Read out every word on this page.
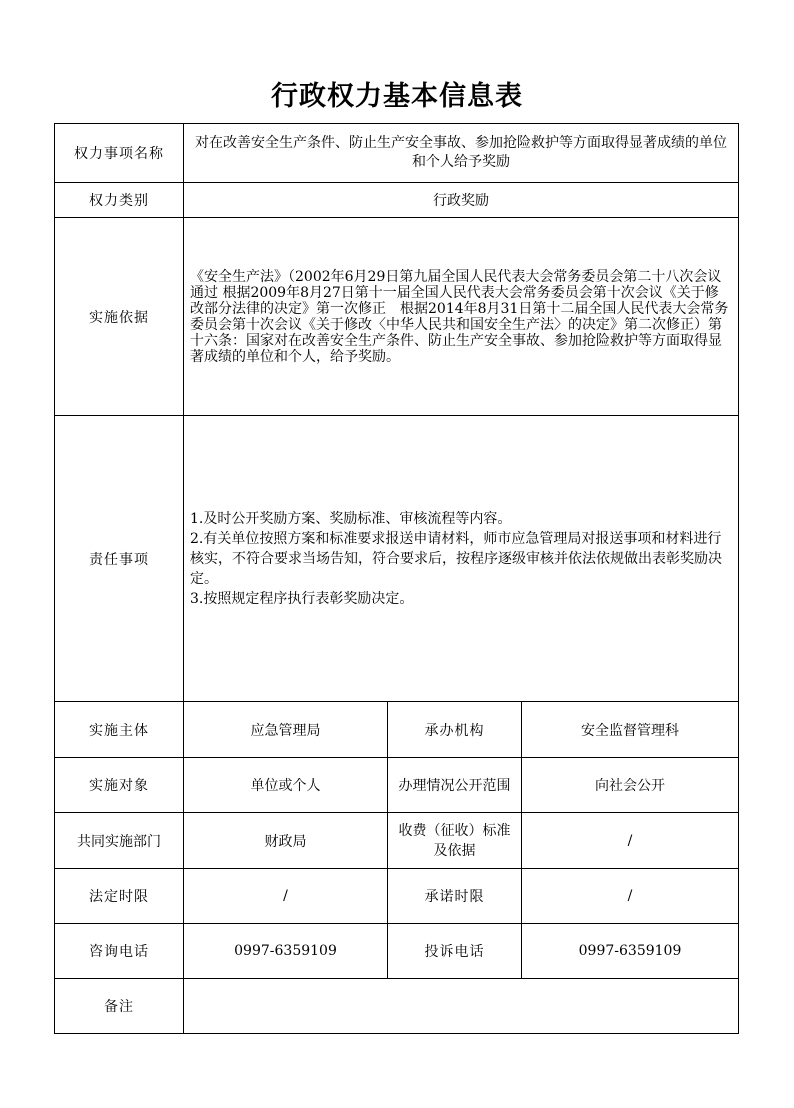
行政权力基本信息表
权力事项名称	对在改善安全生产条件、防止生产安全事故、参加抢险救护等方面取得显著成绩的单位和个人给予奖励		
权力类别	行政奖励		
实施依据	《安全生产法》（2002年6月29日第九届全国人民代表大会常务委员会第二十八次会议通过 根据2009年8月27日第十一届全国人民代表大会常务委员会第十次会议《关于修改部分法律的决定》第一次修正　根据2014年8月31日第十二届全国人民代表大会常务委员会第十次会议《关于修改〈中华人民共和国安全生产法〉的决定》第二次修正）第十六条：国家对在改善安全生产条件、防止生产安全事故、参加抢险救护等方面取得显著成绩的单位和个人，给予奖励。		
责任事项	1.及时公开奖励方案、奖励标准、审核流程等内容。
2.有关单位按照方案和标准要求报送申请材料，师市应急管理局对报送事项和材料进行核实，不符合要求当场告知，符合要求后，按程序逐级审核并依法依规做出表彰奖励决定。
3.按照规定程序执行表彰奖励决定。		

实施主体	应急管理局	承办机构	安全监督管理科
实施对象	单位或个人	办理情况公开范围	向社会公开
共同实施部门	财政局	收费（征收）标准及依据	/
法定时限	/	承诺时限	/
咨询电话	0997-6359109	投诉电话	0997-6359109
备注			
